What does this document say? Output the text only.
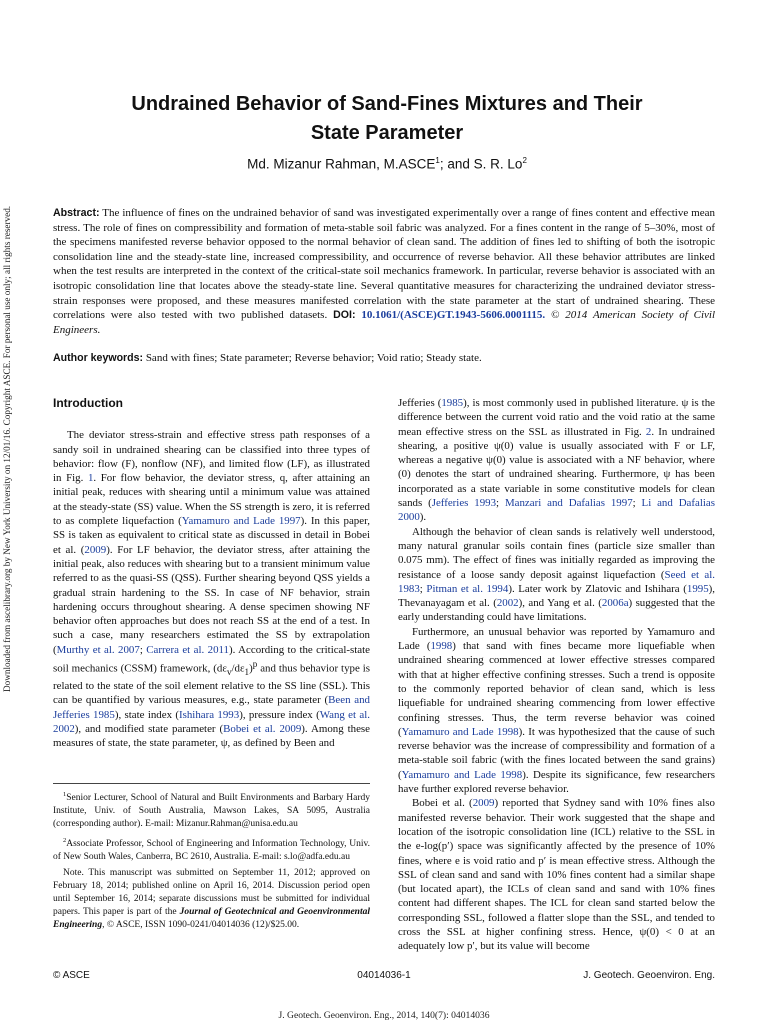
Downloaded from ascelibrary.org by New York University on 12/01/16. Copyright ASCE. For personal use only; all rights reserved.
Undrained Behavior of Sand-Fines Mixtures and Their
State Parameter
Md. Mizanur Rahman, M.ASCE$^1$; and S. R. Lo$^2$
Abstract: The influence of fines on the undrained behavior of sand was investigated experimentally over a range of fines content and effective mean stress. The role of fines on compressibility and formation of meta-stable soil fabric was analyzed. For a fines content in the range of 5–30%, most of the specimens manifested reverse behavior opposed to the normal behavior of clean sand. The addition of fines led to shifting of both the isotropic consolidation line and the steady-state line, increased compressibility, and occurrence of reverse behavior. All these behavior attributes are linked when the test results are interpreted in the context of the critical-state soil mechanics framework. In particular, reverse behavior is associated with an isotropic consolidation line that locates above the steady-state line. Several quantitative measures for characterizing the undrained deviator stress-strain responses were proposed, and these measures manifested correlation with the state parameter at the start of undrained shearing. These correlations were also tested with two published datasets. DOI: 10.1061/(ASCE)GT.1943-5606.0001115. © 2014 American Society of Civil Engineers.
Author keywords: Sand with fines; State parameter; Reverse behavior; Void ratio; Steady state.
Introduction

The deviator stress-strain and effective stress path responses of a sandy soil in undrained shearing can be classified into three types of behavior: flow (F), nonflow (NF), and limited flow (LF), as illustrated in Fig. 1. For flow behavior, the deviator stress, q, after attaining an initial peak, reduces with shearing until a minimum value was attained at the steady-state (SS) value. When the SS strength is zero, it is referred to as complete liquefaction (Yamamuro and Lade 1997). In this paper, SS is taken as equivalent to critical state as discussed in detail in Bobei et al. (2009). For LF behavior, the deviator stress, after attaining the initial peak, also reduces with shearing but to a transient minimum value referred to as the quasi-SS (QSS). Further shearing beyond QSS yields a gradual strain hardening to the SS. In case of NF behavior, strain hardening occurs throughout shearing. A dense specimen showing NF behavior often approaches but does not reach SS at the end of a test. In such a case, many researchers estimated the SS by extrapolation (Murthy et al. 2007; Carrera et al. 2011). According to the critical-state soil mechanics (CSSM) framework, $(d\varepsilon_v/d\varepsilon_1)^p$ and thus behavior type is related to the state of the soil element relative to the SS line (SSL). This can be quantified by various measures, e.g., state parameter (Been and Jefferies 1985), state index (Ishihara 1993), pressure index (Wang et al. 2002), and modified state parameter (Bobei et al. 2009). Among these measures of state, the state parameter, ψ, as defined by Been and

$^1$Senior Lecturer, School of Natural and Built Environments and Barbary Hardy Institute, Univ. of South Australia, Mawson Lakes, SA 5095, Australia (corresponding author). E-mail: Mizanur.Rahman@unisa.edu.au

$^2$Associate Professor, School of Engineering and Information Technology, Univ. of New South Wales, Canberra, BC 2610, Australia. E-mail: s.lo@adfa.edu.au

Note. This manuscript was submitted on September 11, 2012; approved on February 18, 2014; published online on April 16, 2014. Discussion period open until September 16, 2014; separate discussions must be submitted for individual papers. This paper is part of the Journal of Geotechnical and Geoenvironmental Engineering, © ASCE, ISSN 1090-0241/04014036 (12)/$25.00.

Jefferies (1985), is most commonly used in published literature. ψ is the difference between the current void ratio and the void ratio at the same mean effective stress on the SSL as illustrated in Fig. 2. In undrained shearing, a positive ψ(0) value is usually associated with F or LF, whereas a negative ψ(0) value is associated with a NF behavior, where (0) denotes the start of undrained shearing. Furthermore, ψ has been incorporated as a state variable in some constitutive models for clean sands (Jefferies 1993; Manzari and Dafalias 1997; Li and Dafalias 2000).

Although the behavior of clean sands is relatively well understood, many natural granular soils contain fines (particle size smaller than 0.075 mm). The effect of fines was initially regarded as improving the resistance of a loose sandy deposit against liquefaction (Seed et al. 1983; Pitman et al. 1994). Later work by Zlatovic and Ishihara (1995), Thevanayagam et al. (2002), and Yang et al. (2006a) suggested that the early understanding could have limitations.

Furthermore, an unusual behavior was reported by Yamamuro and Lade (1998) that sand with fines became more liquefiable when undrained shearing commenced at lower effective stresses compared with that at higher effective confining stresses. Such a trend is opposite to the commonly reported behavior of clean sand, which is less liquefiable for undrained shearing commencing from lower effective confining stresses. Thus, the term reverse behavior was coined (Yamamuro and Lade 1998). It was hypothesized that the cause of such reverse behavior was the increase of compressibility and formation of a meta-stable soil fabric (with the fines located between the sand grains) (Yamamuro and Lade 1998). Despite its significance, few researchers have further explored reverse behavior.

Bobei et al. (2009) reported that Sydney sand with 10% fines also manifested reverse behavior. Their work suggested that the shape and location of the isotropic consolidation line (ICL) relative to the SSL in the e-log(p′) space was significantly affected by the presence of 10% fines, where e is void ratio and p′ is mean effective stress. Although the SSL of clean sand and sand with 10% fines content had a similar shape (but located apart), the ICLs of clean sand and sand with 10% fines content had different shapes. The ICL for clean sand started below the corresponding SSL, followed a flatter slope than the SSL, and tended to cross the SSL at higher confining stress. Hence, ψ(0) < 0 at an adequately low p′, but its value will become

© ASCE	04014036-1	J. Geotech. Geoenviron. Eng.
J. Geotech. Geoenviron. Eng., 2014, 140(7): 04014036
